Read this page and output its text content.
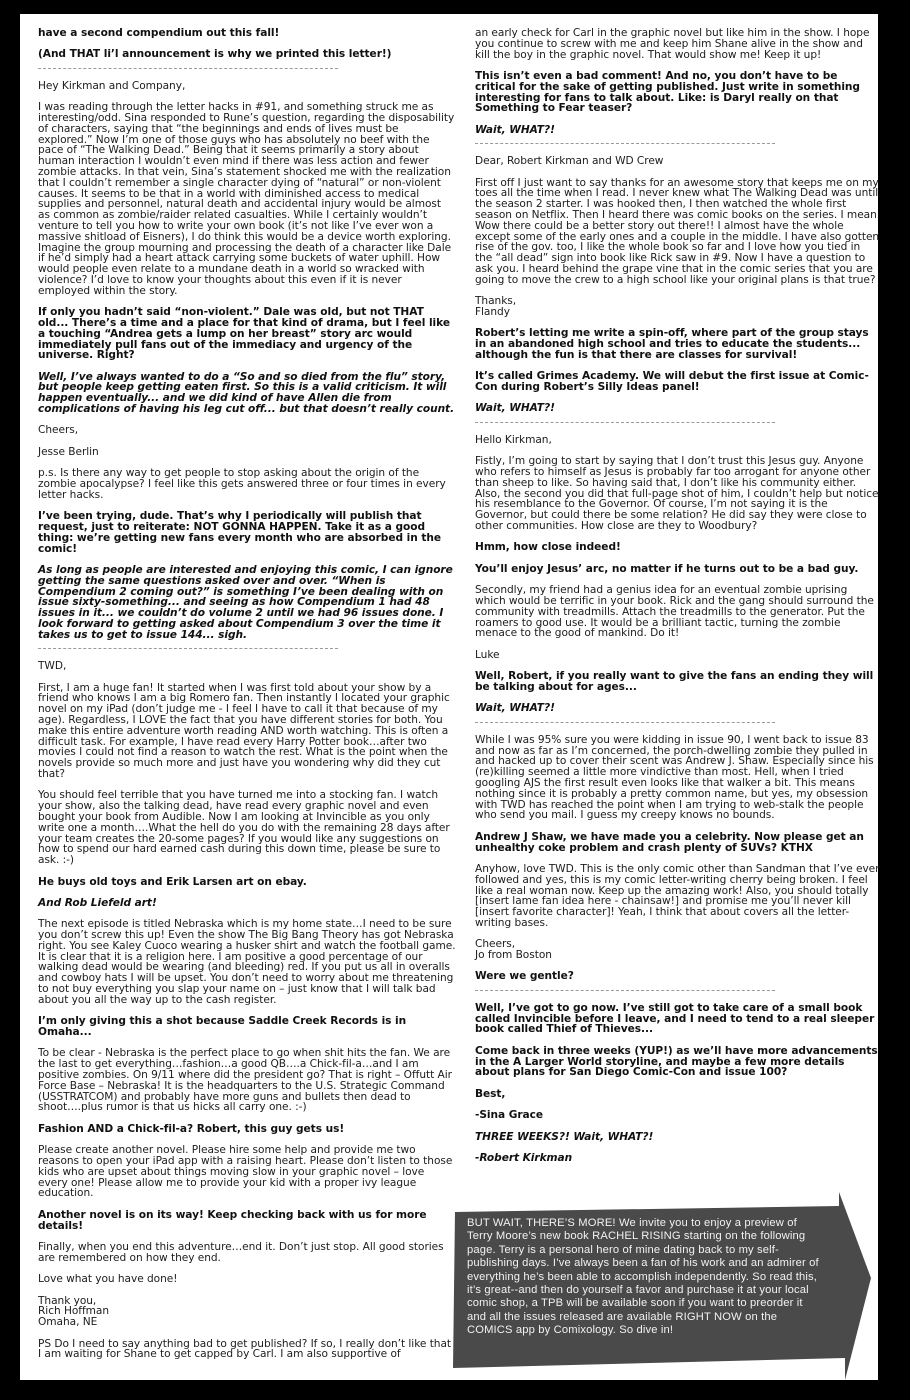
have a second compendium out this fall!

(And THAT li’l announcement is why we printed this letter!)

Hey Kirkman and Company,

I was reading through the letter hacks in #91, and something struck me as interesting/odd. Sina responded to Rune’s question, regarding the disposability of characters, saying that “the beginnings and ends of lives must be explored.” Now I’m one of those guys who has absolutely no beef with the pace of “The Walking Dead.” Being that it seems primarily a story about human interaction I wouldn’t even mind if there was less action and fewer zombie attacks. In that vein, Sina’s statement shocked me with the realization that I couldn’t remember a single character dying of “natural” or non-violent causes. It seems to be that in a world with diminished access to medical supplies and personnel, natural death and accidental injury would be almost as common as zombie/raider related casualties. While I certainly wouldn’t venture to tell you how to write your own book (it’s not like I’ve ever won a massive shitload of Eisners), I do think this would be a device worth exploring. Imagine the group mourning and processing the death of a character like Dale if he’d simply had a heart attack carrying some buckets of water uphill. How would people even relate to a mundane death in a world so wracked with violence? I’d love to know your thoughts about this even if it is never employed within the story.

If only you hadn’t said “non-violent.” Dale was old, but not THAT old... There’s a time and a place for that kind of drama, but I feel like a touching “Andrea gets a lump on her breast” story arc would immediately pull fans out of the immediacy and urgency of the universe. Right?

Well, I’ve always wanted to do a “So and so died from the flu” story, but people keep getting eaten first. So this is a valid criticism. It will happen eventually... and we did kind of have Allen die from complications of having his leg cut off... but that doesn’t really count.

Cheers,

Jesse Berlin

p.s. Is there any way to get people to stop asking about the origin of the zombie apocalypse? I feel like this gets answered three or four times in every letter hacks.

I’ve been trying, dude. That’s why I periodically will publish that request, just to reiterate: NOT GONNA HAPPEN. Take it as a good thing: we’re getting new fans every month who are absorbed in the comic!

As long as people are interested and enjoying this comic, I can ignore getting the same questions asked over and over. “When is Compendium 2 coming out?” is something I’ve been dealing with on issue sixty-something... and seeing as how Compendium 1 had 48 issues in it... we couldn’t do volume 2 until we had 96 issues done. I look forward to getting asked about Compendium 3 over the time it takes us to get to issue 144... sigh.

TWD,

First, I am a huge fan! It started when I was first told about your show by a friend who knows I am a big Romero fan. Then instantly I located your graphic novel on my iPad (don’t judge me - I feel I have to call it that because of my age). Regardless, I LOVE the fact that you have different stories for both. You make this entire adventure worth reading AND worth watching. This is often a difficult task. For example, I have read every Harry Potter book…after two movies I could not find a reason to watch the rest. What is the point when the novels provide so much more and just have you wondering why did they cut that?

You should feel terrible that you have turned me into a stocking fan. I watch your show, also the talking dead, have read every graphic novel and even bought your book from Audible. Now I am looking at Invincible as you only write one a month….What the hell do you do with the remaining 28 days after your team creates the 20-some pages? If you would like any suggestions on how to spend our hard earned cash during this down time, please be sure to ask. :-)

He buys old toys and Erik Larsen art on ebay.

And Rob Liefeld art!

The next episode is titled Nebraska which is my home state…I need to be sure you don’t screw this up! Even the show The Big Bang Theory has got Nebraska right. You see Kaley Cuoco wearing a husker shirt and watch the football game. It is clear that it is a religion here. I am positive a good percentage of our walking dead would be wearing (and bleeding) red. If you put us all in overalls and cowboy hats I will be upset. You don’t need to worry about me threatening to not buy everything you slap your name on – just know that I will talk bad about you all the way up to the cash register.

I’m only giving this a shot because Saddle Creek Records is in Omaha...

To be clear - Nebraska is the perfect place to go when shit hits the fan. We are the last to get everything…fashion…a good QB….a Chick-fil-a…and I am positive zombies. On 9/11 where did the president go? That is right – Offutt Air Force Base – Nebraska! It is the headquarters to the U.S. Strategic Command (USSTRATCOM) and probably have more guns and bullets then dead to shoot….plus rumor is that us hicks all carry one. :-)

Fashion AND a Chick-fil-a? Robert, this guy gets us!

Please create another novel. Please hire some help and provide me two reasons to open your iPad app with a raising heart. Please don’t listen to those kids who are upset about things moving slow in your graphic novel – love every one! Please allow me to provide your kid with a proper ivy league education.

Another novel is on its way! Keep checking back with us for more details!

Finally, when you end this adventure…end it. Don’t just stop. All good stories are remembered on how they end.

Love what you have done!

Thank you,
Rich Hoffman
Omaha, NE

PS Do I need to say anything bad to get published? If so, I really don’t like that I am waiting for Shane to get capped by Carl. I am also supportive of

an early check for Carl in the graphic novel but like him in the show. I hope you continue to screw with me and keep him Shane alive in the show and kill the boy in the graphic novel. That would show me! Keep it up!

This isn’t even a bad comment! And no, you don’t have to be critical for the sake of getting published. Just write in something interesting for fans to talk about. Like: is Daryl really on that Something to Fear teaser?

Wait, WHAT?!

Dear, Robert Kirkman and WD Crew

First off I just want to say thanks for an awesome story that keeps me on my toes all the time when I read. I never knew what The Walking Dead was until the season 2 starter. I was hooked then, I then watched the whole first season on Netflix. Then I heard there was comic books on the series. I mean Wow there could be a better story out there!! I almost have the whole except some of the early ones and a couple in the middle. I have also gotten rise of the gov. too, I like the whole book so far and I love how you tied in the “all dead” sign into book like Rick saw in #9. Now I have a question to ask you. I heard behind the grape vine that in the comic series that you are going to move the crew to a high school like your original plans is that true?

Thanks,
Flandy

Robert’s letting me write a spin-off, where part of the group stays in an abandoned high school and tries to educate the students... although the fun is that there are classes for survival!

It’s called Grimes Academy. We will debut the first issue at Comic-Con during Robert’s Silly Ideas panel!

Wait, WHAT?!

Hello Kirkman,

Fistly, I’m going to start by saying that I don’t trust this Jesus guy. Anyone who refers to himself as Jesus is probably far too arrogant for anyone other than sheep to like. So having said that, I don’t like his community either. Also, the second you did that full-page shot of him, I couldn’t help but notice his resemblance to the Governor. Of course, I’m not saying it is the Governor, but could there be some relation? He did say they were close to other communities. How close are they to Woodbury?

Hmm, how close indeed!

You’ll enjoy Jesus’ arc, no matter if he turns out to be a bad guy.

Secondly, my friend had a genius idea for an eventual zombie uprising which would be terrific in your book. Rick and the gang should surround the community with treadmills. Attach the treadmills to the generator. Put the roamers to good use. It would be a brilliant tactic, turning the zombie menace to the good of mankind. Do it!

Luke

Well, Robert, if you really want to give the fans an ending they will be talking about for ages...

Wait, WHAT?!

While I was 95% sure you were kidding in issue 90, I went back to issue 83 and now as far as I’m concerned, the porch-dwelling zombie they pulled in and hacked up to cover their scent was Andrew J. Shaw. Especially since his (re)killing seemed a little more vindictive than most. Hell, when I tried googling AJS the first result even looks like that walker a bit. This means nothing since it is probably a pretty common name, but yes, my obsession with TWD has reached the point when I am trying to web-stalk the people who send you mail. I guess my creepy knows no bounds.

Andrew J Shaw, we have made you a celebrity. Now please get an unhealthy coke problem and crash plenty of SUVs? KTHX

Anyhow, love TWD. This is the only comic other than Sandman that I’ve ever followed and yes, this is my comic letter-writing cherry being broken. I feel like a real woman now. Keep up the amazing work! Also, you should totally [insert lame fan idea here - chainsaw!] and promise me you’ll never kill [insert favorite character]! Yeah, I think that about covers all the letter-writing bases.

Cheers,
Jo from Boston

Were we gentle?

Well, I’ve got to go now. I’ve still got to take care of a small book called Invincible before I leave, and I need to tend to a real sleeper book called Thief of Thieves...

Come back in three weeks (YUP!) as we’ll have more advancements in the A Larger World storyline, and maybe a few more details about plans for San Diego Comic-Con and issue 100?

Best,

-Sina Grace

THREE WEEKS?! Wait, WHAT?!

-Robert Kirkman

BUT WAIT, THERE’S MORE! We invite you to enjoy a preview of Terry Moore’s new book RACHEL RISING starting on the following page. Terry is a personal hero of mine dating back to my self-publishing days. I’ve always been a fan of his work and an admirer of everything he’s been able to accomplish independently. So read this, it’s great--and then do yourself a favor and purchase it at your local comic shop, a TPB will be available soon if you want to preorder it and all the issues released are available RIGHT NOW on the COMICS app by Comixology. So dive in!
